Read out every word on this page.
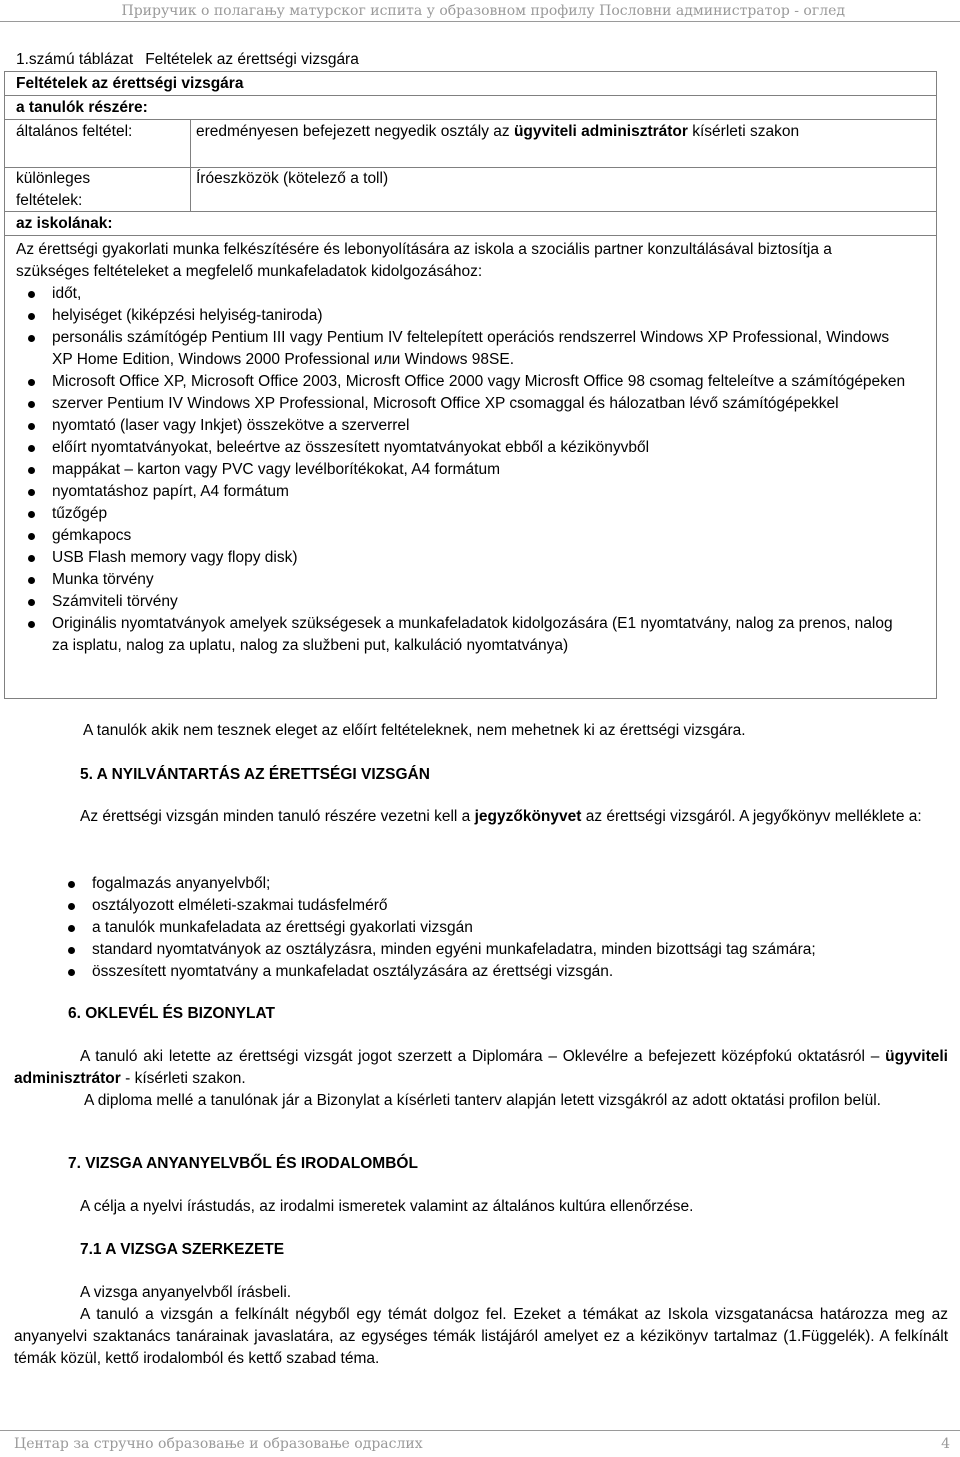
Приручик о полагању матурског испита у образовном профилу Пословни администратор - оглед
1.számú táblázat Feltételek az érettségi vizsgára
Feltételek az érettségi vizsgára
a tanulók részére:
általános feltétel:	eredményesen befejezett negyedik osztály az ügyviteli adminisztrátor kísérleti szakon
különleges feltételek:
Íróeszközök (kötelező a toll)
az iskolának:

Az érettségi gyakorlati munka felkészítésére és lebonyolítására az iskola a szociális partner konzultálásával biztosítja a szükséges feltételeket a megfelelő munkafeladatok kidolgozásához:

időt,
helyiséget (kiképzési helyiség-taniroda)
personális számítógép Pentium III vagy Pentium IV feltelepített operációs rendszerrel Windows XP Professional, Windows XP Home Edition, Windows 2000 Professional или Windows 98SE.
Microsoft Office XP, Microsoft Office 2003, Microsft Office 2000 vagy Microsft Office 98 csomag felteleítve a számítógépeken
szerver Pentium IV Windows XP Professional, Microsoft Office XP csomaggal és hálozatban lévő számítógépekkel
nyomtató (laser vagy Inkjet) összekötve a szerverrel
előírt nyomtatványokat, beleértve az összesített nyomtatványokat ebből a kézikönyvből
mappákat – karton vagy PVC vagy levélborítékokat, A4 formátum
nyomtatáshoz papírt, A4 formátum
tűzőgép
gémkapocs
USB Flash memory vagy flopy disk)
Munka törvény
Számviteli törvény
Originális nyomtatványok amelyek szükségesek a munkafeladatok kidolgozására (E1 nyomtatvány, nalog za prenos, nalog za isplatu, nalog za uplatu, nalog za službeni put, kalkuláció nyomtatványa)

A tanulók akik nem tesznek eleget az előírt feltételeknek, nem mehetnek ki az érettségi vizsgára.

5. A NYILVÁNTARTÁS AZ ÉRETTSÉGI VIZSGÁN

Az érettségi vizsgán minden tanuló részére vezetni kell a jegyzőkönyvet az érettségi vizsgáról. A jegyőkönyv melléklete a:

fogalmazás anyanyelvből;
osztályozott elméleti-szakmai tudásfelmérő
a tanulók munkafeladata az érettségi gyakorlati vizsgán
standard nyomtatványok az osztályzásra, minden egyéni munkafeladatra, minden bizottsági tag számára;
összesített nyomtatvány a munkafeladat osztályzására az érettségi vizsgán.
6. OKLEVÉL ÉS BIZONYLAT

A tanuló aki letette az érettségi vizsgát jogot szerzett a Diplomára – Oklevélre a befejezett középfokú oktatásról – ügyviteli adminisztrátor - kísérleti szakon.

A diploma mellé a tanulónak jár a Bizonylat a kísérleti tanterv alapján letett vizsgákról az adott oktatási profilon belül.

7. VIZSGA ANYANYELVBŐL ÉS IRODALOMBÓL
A célja a nyelvi írástudás, az irodalmi ismeretek valamint az általános kultúra ellenőrzése.
7.1 A VIZSGA SZERKEZETE

A vizsga anyanyelvből írásbeli.

A tanuló a vizsgán a felkínált négyből egy témát dolgoz fel. Ezeket a témákat az Iskola vizsgatanácsa határozza meg az anyanyelvi szaktanács tanárainak javaslatára, az egységes témák listájáról amelyet ez a kézikönyv tartalmaz (1.Függelék). A felkínált témák közül, kettő irodalomból és kettő szabad téma.

Центар за стручно образовање и образовање одраслих	4
